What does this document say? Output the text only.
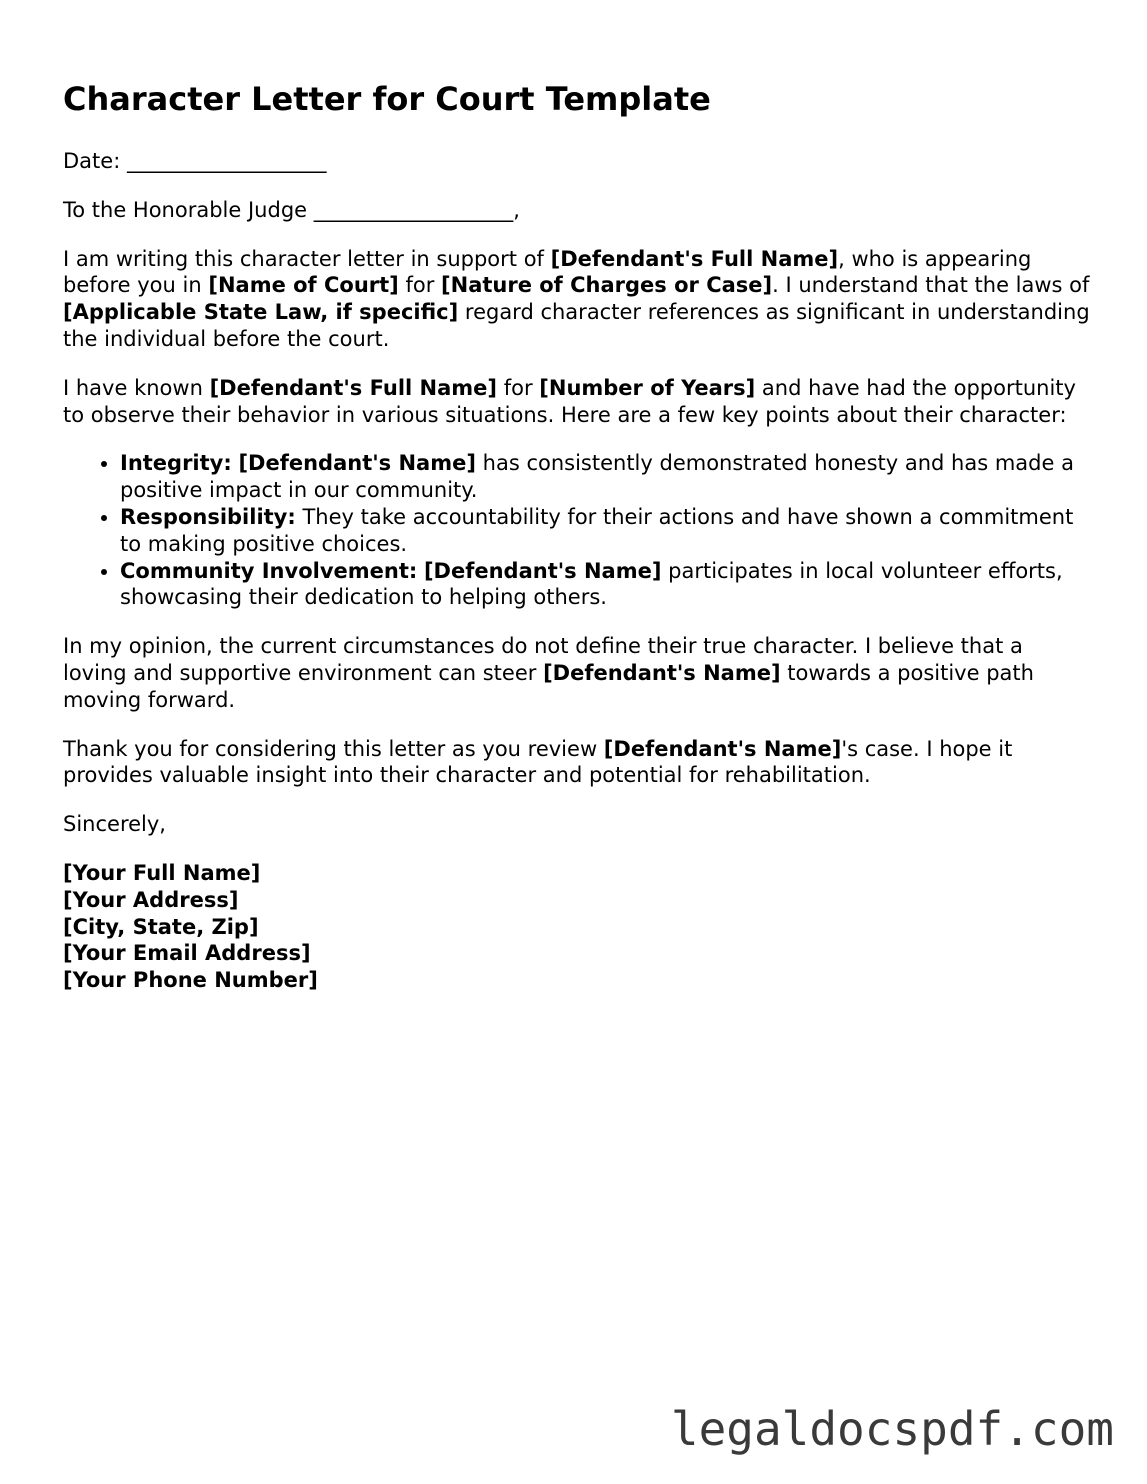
Character Letter for Court Template

Date: ___________________

To the Honorable Judge ___________________,

I am writing this character letter in support of [Defendant's Full Name], who is appearing before you in [Name of Court] for [Nature of Charges or Case]. I understand that the laws of [Applicable State Law, if specific] regard character references as significant in understanding the individual before the court.

I have known [Defendant's Full Name] for [Number of Years] and have had the opportunity to observe their behavior in various situations. Here are a few key points about their character:

• Integrity: [Defendant's Name] has consistently demonstrated honesty and has made a positive impact in our community.
• Responsibility: They take accountability for their actions and have shown a commitment to making positive choices.
• Community Involvement: [Defendant's Name] participates in local volunteer efforts, showcasing their dedication to helping others.

In my opinion, the current circumstances do not define their true character. I believe that a loving and supportive environment can steer [Defendant's Name] towards a positive path moving forward.

Thank you for considering this letter as you review [Defendant's Name]'s case. I hope it provides valuable insight into their character and potential for rehabilitation.

Sincerely,

[Your Full Name]
[Your Address]
[City, State, Zip]
[Your Email Address]
[Your Phone Number]

legaldocspdf.com
